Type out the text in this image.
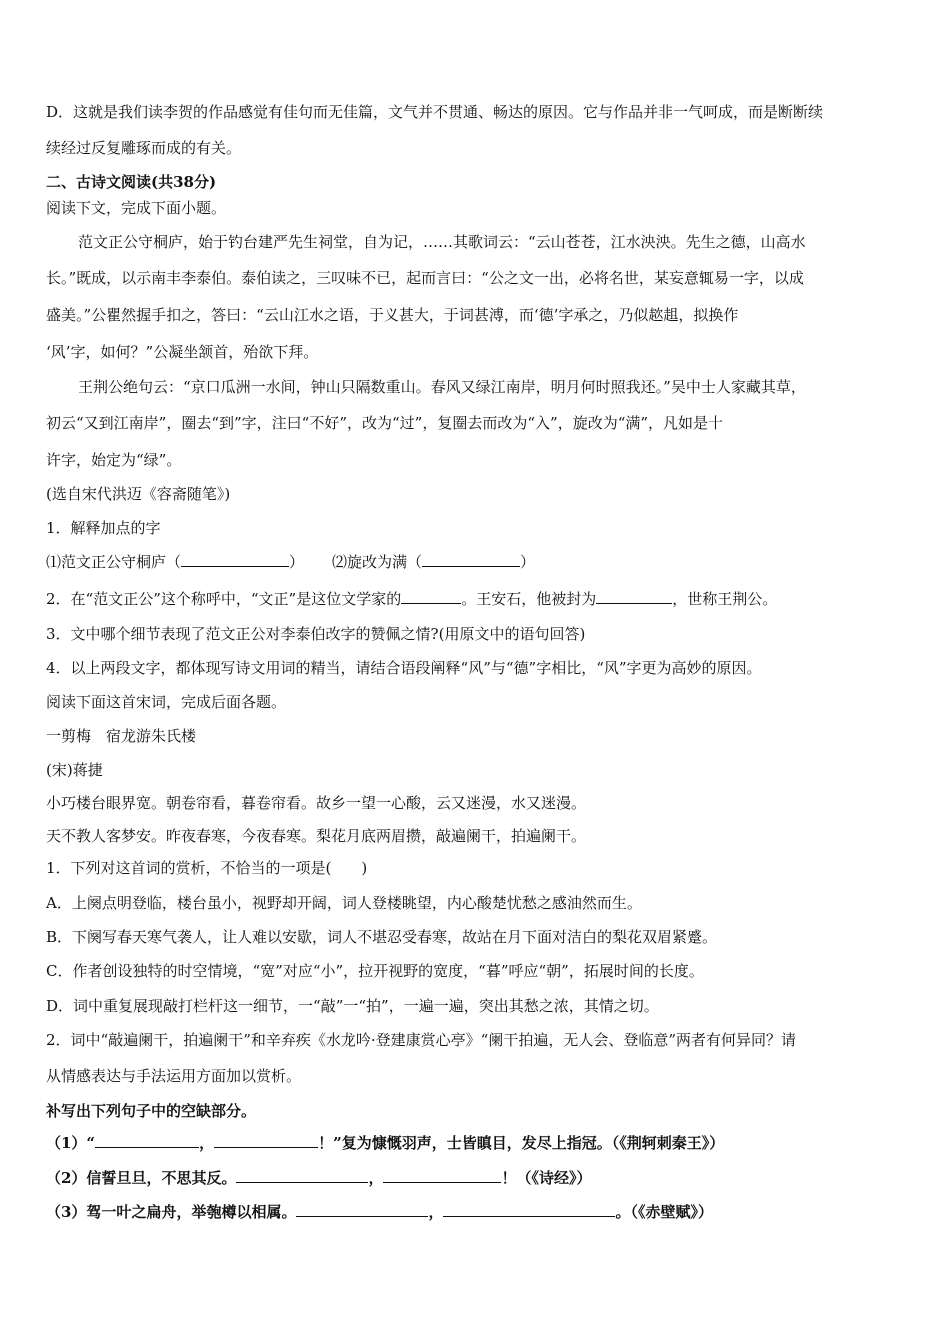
D．这就是我们读李贺的作品感觉有佳句而无佳篇，文气并不贯通、畅达的原因。它与作品并非一气呵成，而是断断续
续经过反复雕琢而成的有关。
二、古诗文阅读(共38分)
阅读下文，完成下面小题。
范文正公守桐庐，始于钓台建严先生祠堂，自为记，……其歌词云：“云山苍苍，江水泱泱。先生之德，山高水
长。”既成，以示南丰李泰伯。泰伯读之，三叹味不已，起而言曰：“公之文一出，必将名世，某妄意辄易一字，以成
盛美。”公瞿然握手扣之，答曰：“云山江水之语，于义甚大，于词甚溥，而‘德’字承之，乃似趑趄，拟换作
‘风’字，如何？”公凝坐颔首，殆欲下拜。
王荆公绝句云：“京口瓜洲一水间，钟山只隔数重山。春风又绿江南岸，明月何时照我还。”吴中士人家藏其草，
初云“又到江南岸”，圈去“到”字，注曰“不好”，改为“过”，复圈去而改为“入”，旋改为“满”，凡如是十
许字，始定为“绿”。
(选自宋代洪迈《容斋随笔》)
1．解释加点的字
⑴范文正公守桐庐（	） ⑵旋改为满（	）
2．在“范文正公”这个称呼中，“文正”是这位文学家的	。王安石，他被封为	，世称王荆公。
3．文中哪个细节表现了范文正公对李泰伯改字的赞佩之情?(用原文中的语句回答)
4．以上两段文字，都体现写诗文用词的精当，请结合语段阐释“风”与“德”字相比，“风”字更为高妙的原因。
阅读下面这首宋词，完成后面各题。
一剪梅　宿龙游朱氏楼
(宋)蒋捷
小巧楼台眼界宽。朝卷帘看，暮卷帘看。故乡一望一心酸，云又迷漫，水又迷漫。
天不教人客梦安。昨夜春寒，今夜春寒。梨花月底两眉攒，敲遍阑干，拍遍阑干。
1．下列对这首词的赏析，不恰当的一项是(　　)
A．上阕点明登临，楼台虽小，视野却开阔，词人登楼眺望，内心酸楚忧愁之感油然而生。
B．下阕写春天寒气袭人，让人难以安歇，词人不堪忍受春寒，故站在月下面对洁白的梨花双眉紧蹙。
C．作者创设独特的时空情境，“宽”对应“小”，拉开视野的宽度，“暮”呼应“朝”，拓展时间的长度。
D．词中重复展现敲打栏杆这一细节，一“敲”一“拍”，一遍一遍，突出其愁之浓，其情之切。
2．词中“敲遍阑干，拍遍阑干”和辛弃疾《水龙吟·登建康赏心亭》“阑干拍遍，无人会、登临意”两者有何异同？请
从情感表达与手法运用方面加以赏析。
补写出下列句子中的空缺部分。
（1）“	，	！”复为慷慨羽声，士皆瞋目，发尽上指冠。（《荆轲刺秦王》）
（2）信誓旦旦，不思其反。	，	！（《诗经》）
（3）驾一叶之扁舟，举匏樽以相属。	，	。（《赤壁赋》）
